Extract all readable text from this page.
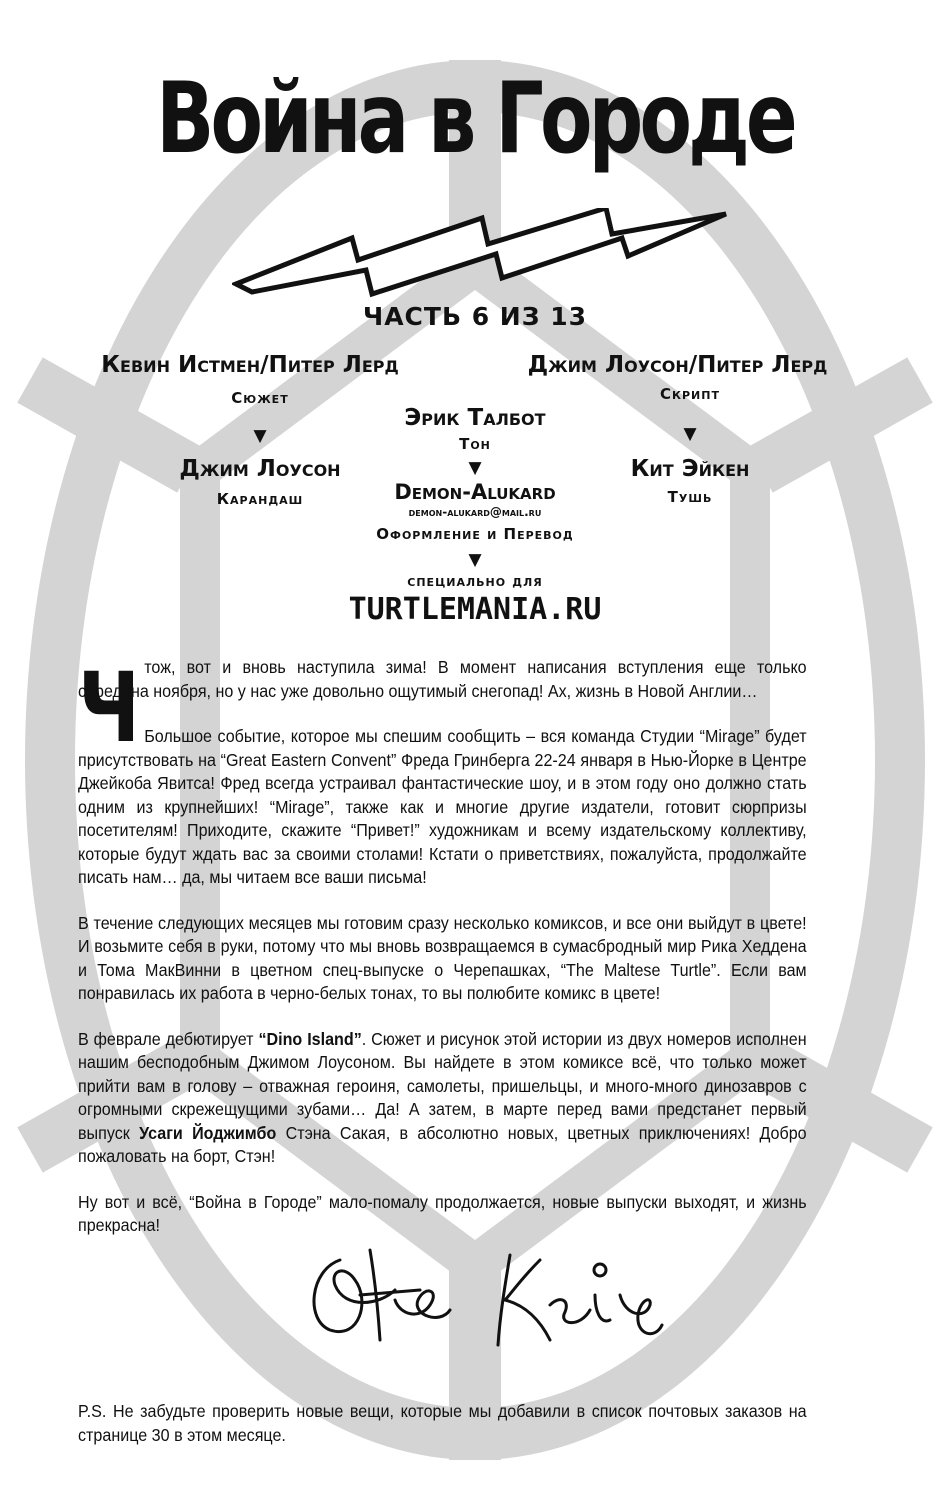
Война в Городе
ЧАСТЬ 6 ИЗ 13
Кевин Истмен/Питер Лерд
Сюжет
▼
Джим Лоусон
Карандаш
Джим Лоусон/Питер Лерд
Скрипт
▼
Кит Эйкен
Тушь
Эрик Талбот
Тон
▼
Demon-Alukard
demon-alukard@mail.ru
Оформление и Перевод
▼
специально для
TURTLEMANIA.RU
Ч тож, вот и вновь наступила зима! В момент написания вступления еще только середина ноября, но у нас уже довольно ощутимый снегопад! Ах, жизнь в Новой Англии…

Большое событие, которое мы спешим сообщить – вся команда Студии “Mirage” будет присутствовать на “Great Eastern Convent” Фреда Гринберга 22-24 января в Нью-Йорке в Центре Джейкоба Явитса! Фред всегда устраивал фантастические шоу, и в этом году оно должно стать одним из крупнейших! “Mirage”, также как и многие другие издатели, готовит сюрпризы посетителям! Приходите, скажите “Привет!” художникам и всему издательскому коллективу, которые будут ждать вас за своими столами! Кстати о приветствиях, пожалуйста, продолжайте писать нам… да, мы читаем все ваши письма!

В течение следующих месяцев мы готовим сразу несколько комиксов, и все они выйдут в цвете! И возьмите себя в руки, потому что мы вновь возвращаемся в сумасбродный мир Рика Хеддена и Тома МакВинни в цветном спец-выпуске о Черепашках, “The Maltese Turtle”. Если вам понравилась их работа в черно-белых тонах, то вы полюбите комикс в цвете!

В феврале дебютирует “Dino Island”. Сюжет и рисунок этой истории из двух номеров исполнен нашим бесподобным Джимом Лоусоном. Вы найдете в этом комиксе всё, что только может прийти вам в голову – отважная героиня, самолеты, пришельцы, и много-много динозавров с огромными скрежещущими зубами… Да! А затем, в марте перед вами предстанет первый выпуск Усаги Йоджимбо Стэна Сакая, в абсолютно новых, цветных приключениях! Добро пожаловать на борт, Стэн!

Ну вот и всё, “Война в Городе” мало-помалу продолжается, новые выпуски выходят, и жизнь прекрасна!

P.S. Не забудьте проверить новые вещи, которые мы добавили в список почтовых заказов на странице 30 в этом месяце.
